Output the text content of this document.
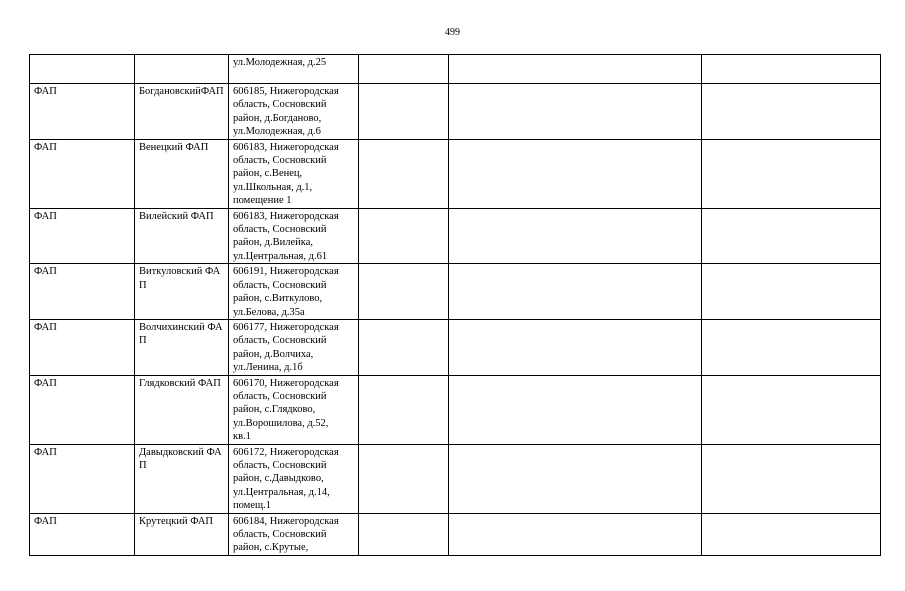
499

		ул.Молодежная, д.25			

ФАП	БогдановскийФАП	606185, Нижегородская
область, Сосновский
район, д.Богданово,
ул.Молодежная, д.6			

ФАП	Венецкий ФАП	606183, Нижегородская
область, Сосновский
район, с.Венец,
ул.Школьная, д.1,
помещение 1			

ФАП	Вилейский ФАП	606183, Нижегородская
область, Сосновский
район, д.Вилейка,
ул.Центральная, д.61			

ФАП	Виткуловский ФАП	606191, Нижегородская
область, Сосновский
район, с.Виткулово,
ул.Белова, д.35а			

ФАП	Волчихинский ФАП	606177, Нижегородская
область, Сосновский
район, д.Волчиха,
ул.Ленина, д.1б			

ФАП	Глядковский ФАП	606170, Нижегородская
область, Сосновский
район, с.Глядково,
ул.Ворошилова, д.52,
кв.1			

ФАП	Давыдковский ФАП	606172, Нижегородская
область, Сосновский
район, с.Давыдково,
ул.Центральная, д.14,
помещ.1			

ФАП	Крутецкий ФАП	606184, Нижегородская
область, Сосновский
район, с.Крутые,			
